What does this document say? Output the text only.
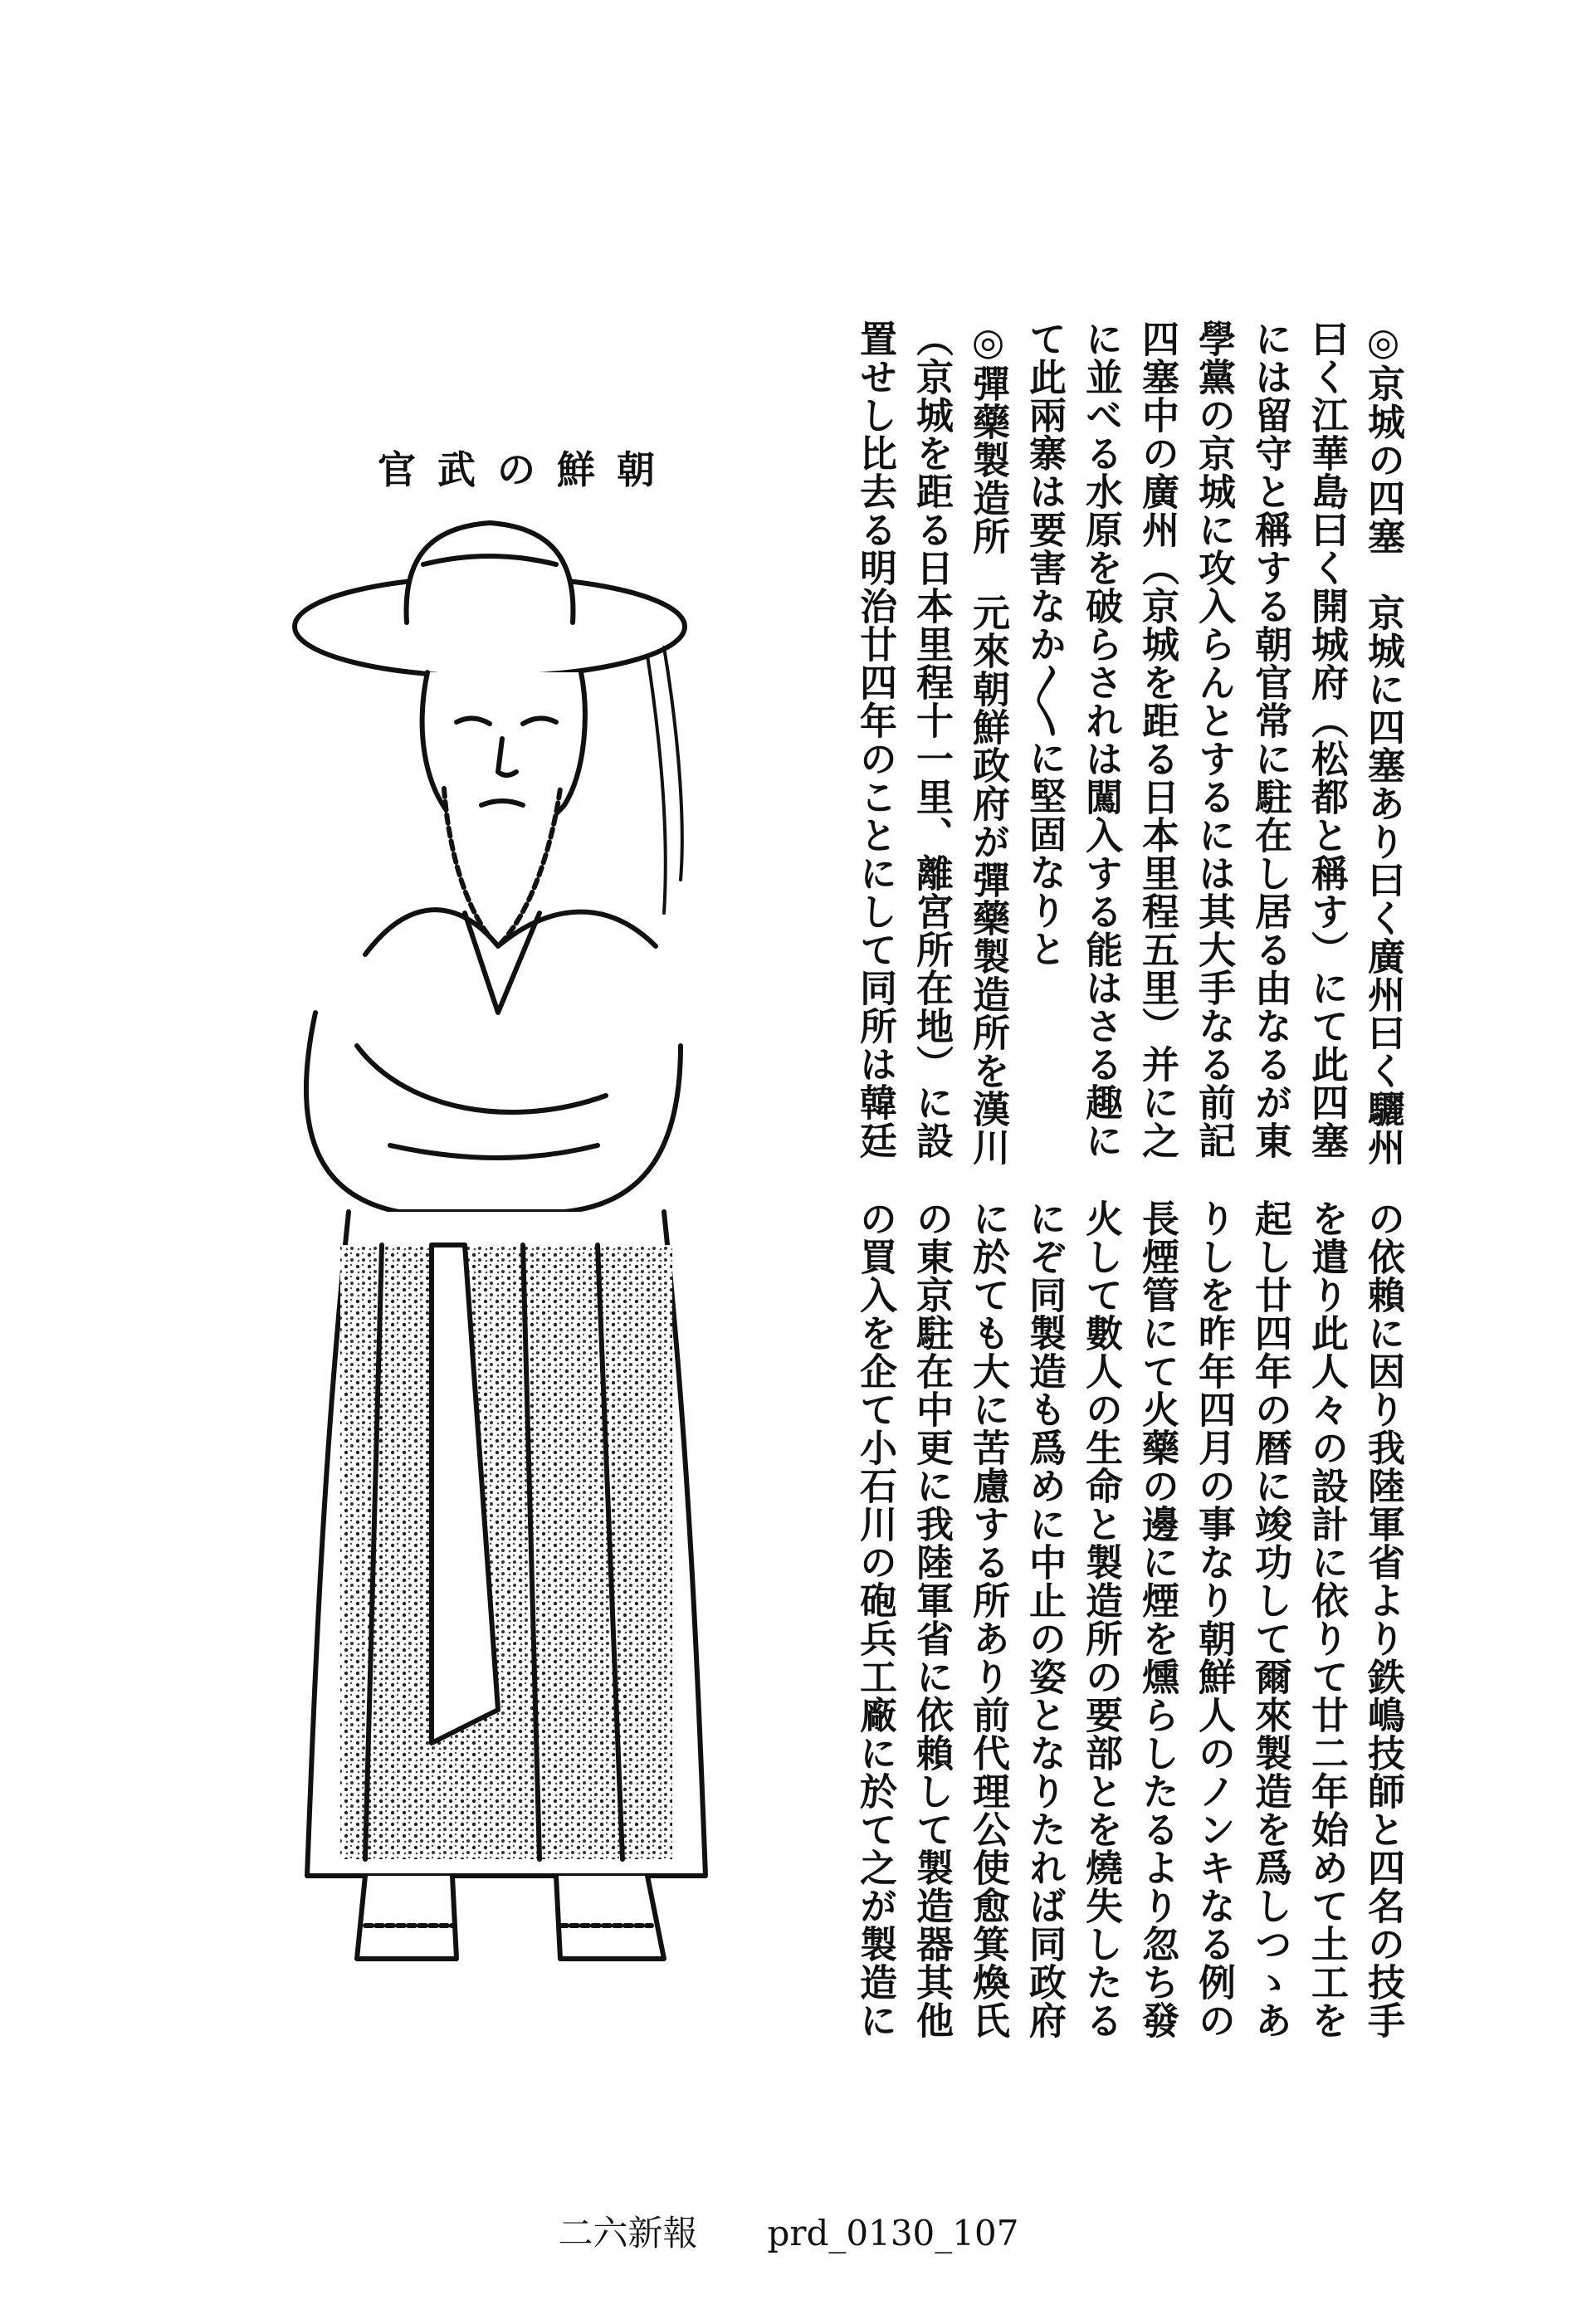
朝鮮の武官	◎京城の四塞　京城に四塞あり曰く廣州曰く驪州曰く江華島曰く開城府（松都と稱す）にて此四塞には留守と稱する朝官常に駐在し居る由なるが東學黨の京城に攻入らんとするには其大手なる前記四塞中の廣州（京城を距る日本里程五里）并に之に並べる水原を破らされは闖入する能はさる趣にて此兩寨は要害なか〳〵に堅固なりと
◎彈藥製造所　元來朝鮮政府が彈藥製造所を漢川（京城を距る日本里程十一里、離宮所在地）に設置せし比去る明治廿四年のことにして同所は韓廷
の依賴に因り我陸軍省より鉄嶋技師と四名の技手を遣り此人々の設計に依りて廿二年始めて土工を起し廿四年の暦に竣功して爾來製造を爲しつゝありしを昨年四月の事なり朝鮮人のノンキなる例の長煙管にて火藥の邊に煙を燻らしたるより忽ち發火して數人の生命と製造所の要部とを燒失したるにぞ同製造も爲めに中止の姿となりたれば同政府に於ても大に苦慮する所あり前代理公使愈箕煥氏の東京駐在中更に我陸軍省に依賴して製造器其他の買入を企て小石川の砲兵工廠に於て之が製造に
二六新報　　prd_0130_107
